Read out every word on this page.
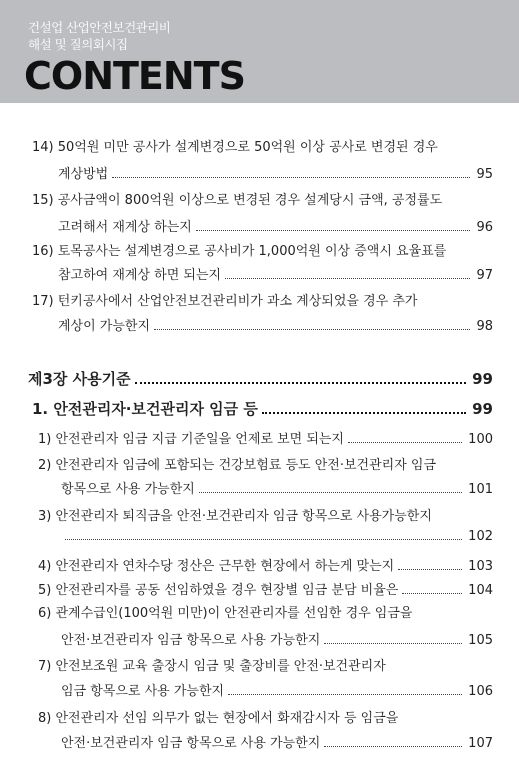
건설업 산업안전보건관리비
해설 및 질의회시집
CONTENTS
14) 50억원 미만 공사가 설계변경으로 50억원 이상 공사로 변경된 경우
계상방법	95
15) 공사금액이 800억원 이상으로 변경된 경우 설계당시 금액, 공정률도
고려해서 재계상 하는지	96
16) 토목공사는 설계변경으로 공사비가 1,000억원 이상 증액시 요율표를
참고하여 재계상 하면 되는지	97
17) 턴키공사에서 산업안전보건관리비가 과소 계상되었을 경우 추가
계상이 가능한지	98
제3장 사용기준	99
1. 안전관리자·보건관리자 임금 등	99
1) 안전관리자 임금 지급 기준일을 언제로 보면 되는지	100
2) 안전관리자 임금에 포함되는 건강보험료 등도 안전·보건관리자 임금
항목으로 사용 가능한지	101
3) 안전관리자 퇴직금을 안전·보건관리자 임금 항목으로 사용가능한지
102
4) 안전관리자 연차수당 정산은 근무한 현장에서 하는게 맞는지	103
5) 안전관리자를 공동 선임하였을 경우 현장별 임금 분담 비율은	104
6) 관계수급인(100억원 미만)이 안전관리자를 선임한 경우 임금을
안전·보건관리자 임금 항목으로 사용 가능한지	105
7) 안전보조원 교육 출장시 임금 및 출장비를 안전·보건관리자
임금 항목으로 사용 가능한지	106
8) 안전관리자 선임 의무가 없는 현장에서 화재감시자 등 임금을
안전·보건관리자 임금 항목으로 사용 가능한지	107
